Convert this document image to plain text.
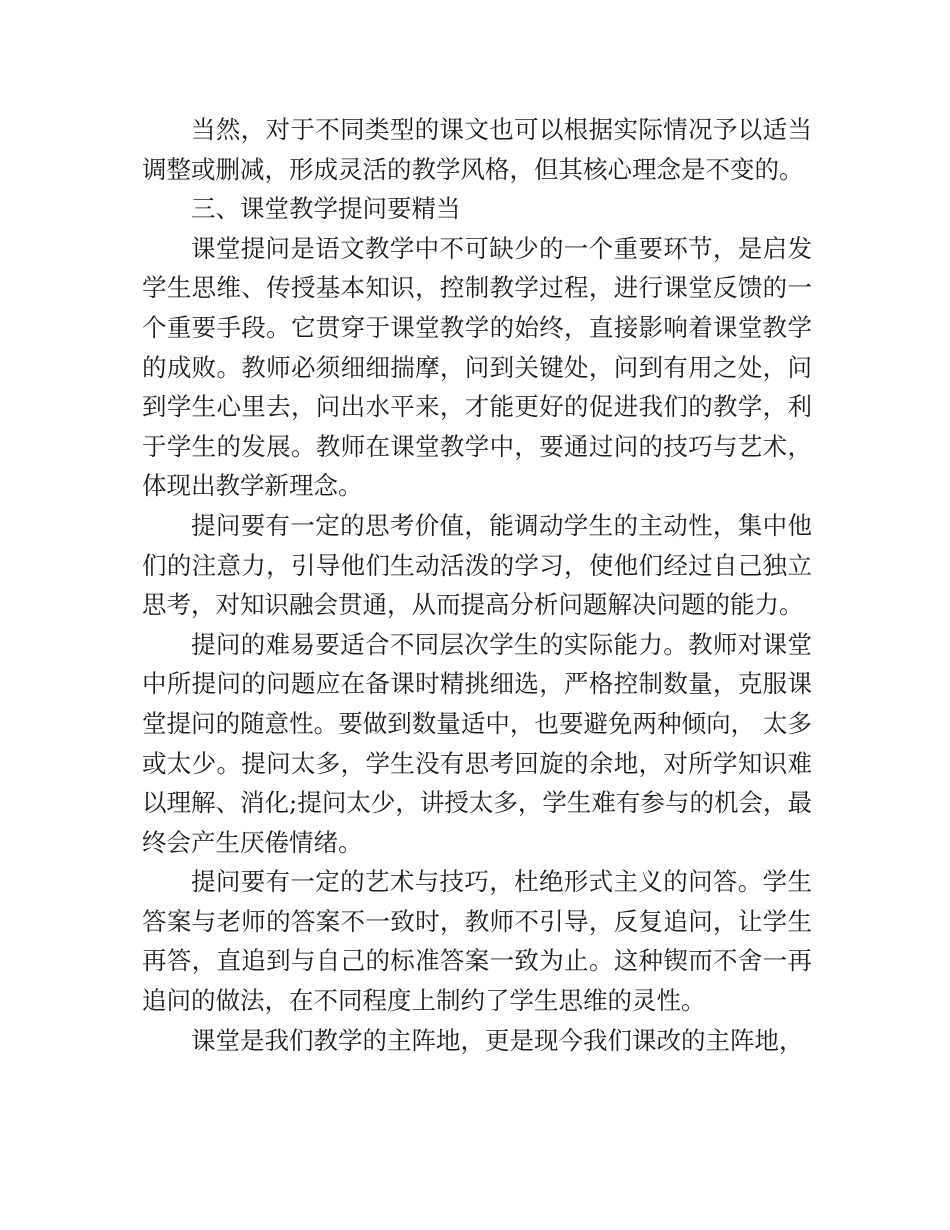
当然，对于不同类型的课文也可以根据实际情况予以适当调整或删减，形成灵活的教学风格，但其核心理念是不变的。

三、课堂教学提问要精当

课堂提问是语文教学中不可缺少的一个重要环节，是启发学生思维、传授基本知识，控制教学过程，进行课堂反馈的一个重要手段。它贯穿于课堂教学的始终，直接影响着课堂教学的成败。教师必须细细揣摩，问到关键处，问到有用之处，问到学生心里去，问出水平来，才能更好的促进我们的教学，利于学生的发展。教师在课堂教学中，要通过问的技巧与艺术，体现出教学新理念。

提问要有一定的思考价值，能调动学生的主动性，集中他们的注意力，引导他们生动活泼的学习，使他们经过自己独立思考，对知识融会贯通，从而提高分析问题解决问题的能力。

提问的难易要适合不同层次学生的实际能力。教师对课堂中所提问的问题应在备课时精挑细选，严格控制数量，克服课堂提问的随意性。要做到数量适中，也要避免两种倾向， 太多或太少。提问太多，学生没有思考回旋的余地，对所学知识难以理解、消化;提问太少，讲授太多，学生难有参与的机会，最终会产生厌倦情绪。

提问要有一定的艺术与技巧，杜绝形式主义的问答。学生答案与老师的答案不一致时，教师不引导，反复追问，让学生再答，直追到与自己的标准答案一致为止。这种锲而不舍一再追问的做法，在不同程度上制约了学生思维的灵性。

课堂是我们教学的主阵地，更是现今我们课改的主阵地，
